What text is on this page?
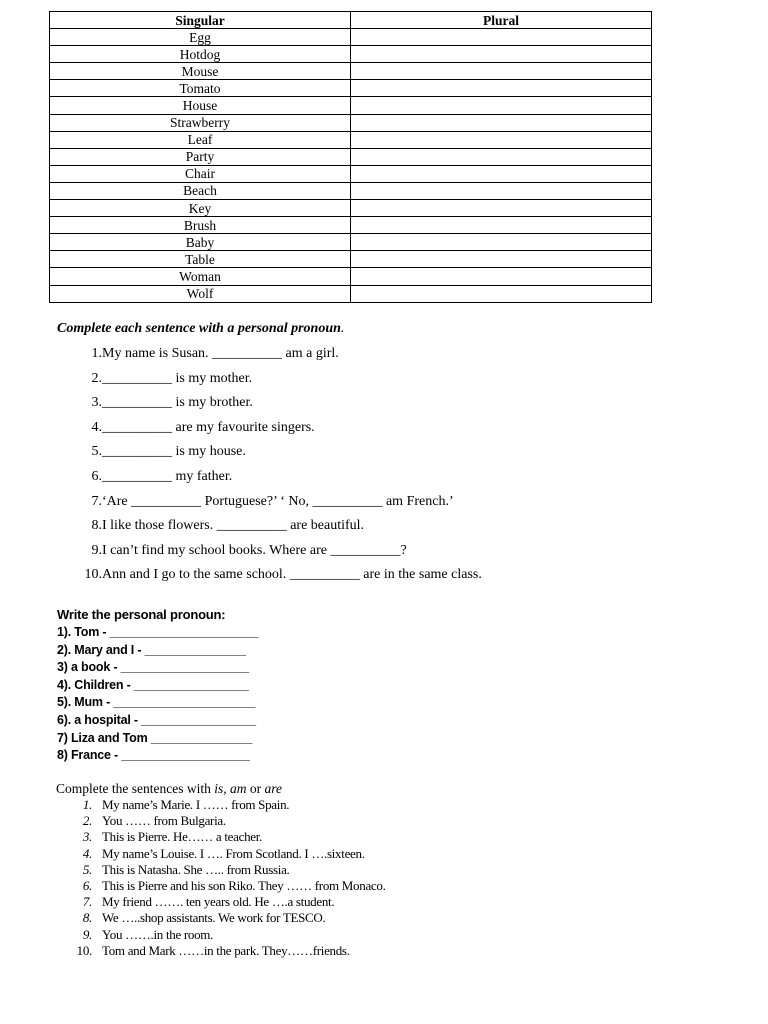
Singular	Plural
Egg	
Hotdog	
Mouse	
Tomato	
House	
Strawberry	
Leaf	
Party	
Chair	
Beach	
Key	
Brush	
Baby	
Table	
Woman	
Wolf	
Complete each sentence with a personal pronoun.
1. My name is Susan. __________ am a girl.
2. __________ is my mother.
3. __________ is my brother.
4. __________ are my favourite singers.
5. __________ is my house.
6. __________ my father.
7. ‘Are __________ Portuguese?’ ‘ No, __________ am French.’
8. I like those flowers. __________ are beautiful.
9. I can’t find my school books. Where are __________?
10. Ann and I go to the same school. __________ are in the same class.
Write the personal pronoun:
1). Tom - ______________________
2). Mary and I - _______________
3) a book - ___________________
4). Children - _________________
5). Mum - _____________________
6). a hospital - _________________
7) Liza and Tom _______________
8) France - ___________________
Complete the sentences with is, am or are
1. My name’s Marie. I …… from Spain.
2. You …… from Bulgaria.
3. This is Pierre. He…… a teacher.
4. My name’s Louise. I …. From Scotland. I ….sixteen.
5. This is Natasha. She ….. from Russia.
6. This is Pierre and his son Riko. They …… from Monaco.
7. My friend ……. ten years old. He ….a student.
8. We …..shop assistants. We work for TESCO.
9. You …….in the room.
10. Tom and Mark ……in the park. They……friends.
